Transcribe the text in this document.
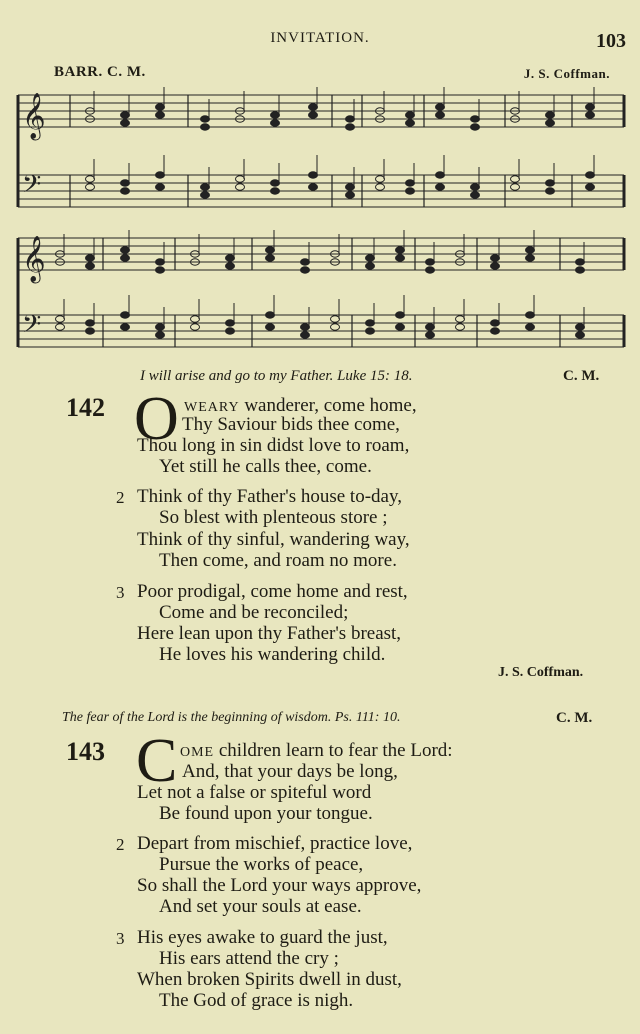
INVITATION.	103
BARR. C. M.	J. S. Coffman.
𝄞
𝄞
𝄢
𝄢
I will arise and go to my Father. Luke 15: 18.	C. M.
142 O WEARY wanderer, come home,
Thy Saviour bids thee come,
Thou long in sin didst love to roam,
Yet still he calls thee, come.
2 Think of thy Father's house to-day,
So blest with plenteous store ;
Think of thy sinful, wandering way,
Then come, and roam no more.
3 Poor prodigal, come home and rest,
Come and be reconciled;
Here lean upon thy Father's breast,
He loves his wandering child.
J. S. Coffman.
The fear of the Lord is the beginning of wisdom. Ps. 111: 10.	C. M.
143 C OME children learn to fear the Lord:
And, that your days be long,
Let not a false or spiteful word
Be found upon your tongue.
2 Depart from mischief, practice love,
Pursue the works of peace,
So shall the Lord your ways approve,
And set your souls at ease.
3 His eyes awake to guard the just,
His ears attend the cry ;
When broken Spirits dwell in dust,
The God of grace is nigh.
